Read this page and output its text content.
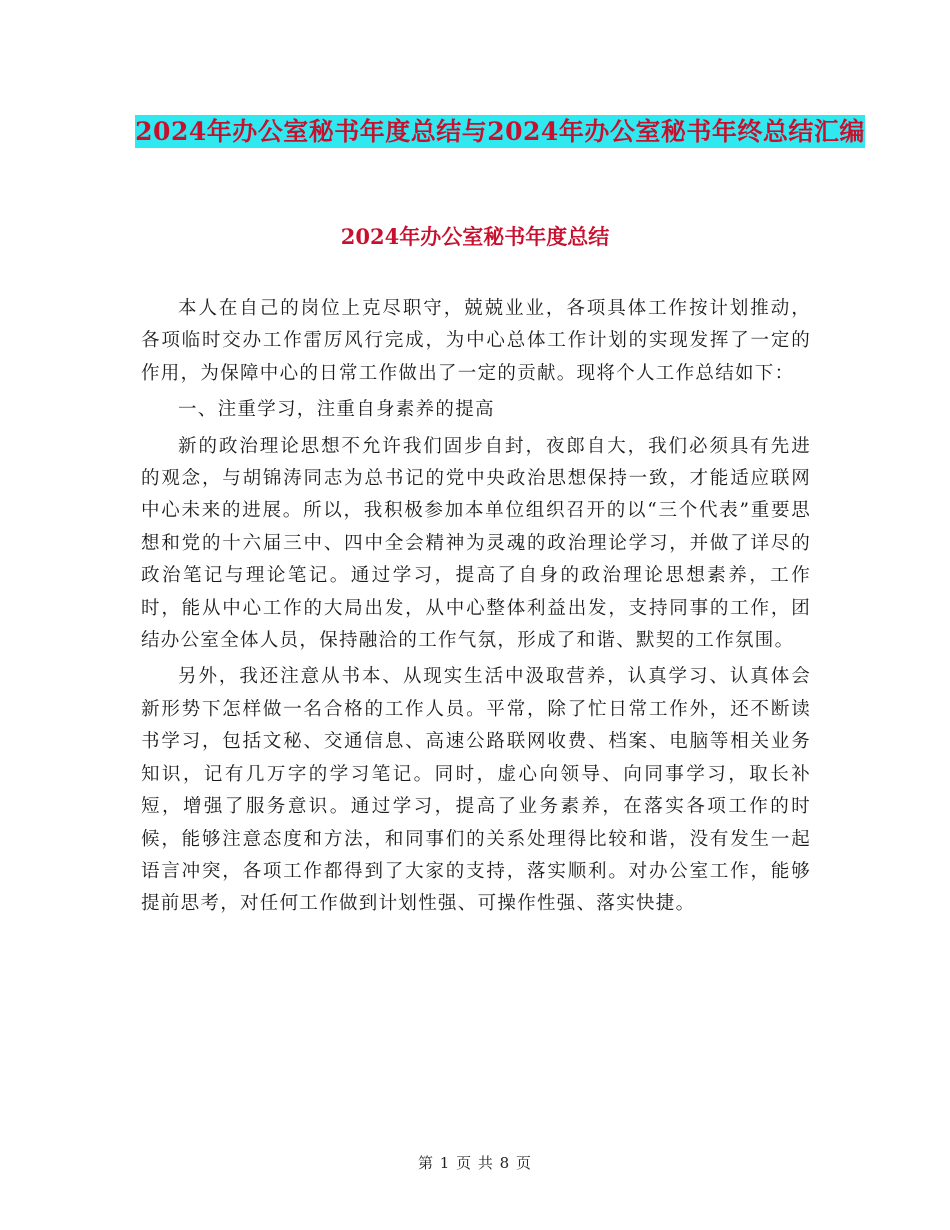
2024年办公室秘书年度总结与2024年办公室秘书年终总结汇编
2024年办公室秘书年度总结

本人在自己的岗位上克尽职守，兢兢业业，各项具体工作按计划推动，各项临时交办工作雷厉风行完成，为中心总体工作计划的实现发挥了一定的作用，为保障中心的日常工作做出了一定的贡献。现将个人工作总结如下：

一、注重学习，注重自身素养的提高

新的政治理论思想不允许我们固步自封，夜郎自大，我们必须具有先进的观念，与胡锦涛同志为总书记的党中央政治思想保持一致，才能适应联网中心未来的进展。所以，我积极参加本单位组织召开的以“三个代表”重要思想和党的十六届三中、四中全会精神为灵魂的政治理论学习，并做了详尽的政治笔记与理论笔记。通过学习，提高了自身的政治理论思想素养，工作时，能从中心工作的大局出发，从中心整体利益出发，支持同事的工作，团结办公室全体人员，保持融洽的工作气氛，形成了和谐、默契的工作氛围。

另外，我还注意从书本、从现实生活中汲取营养，认真学习、认真体会新形势下怎样做一名合格的工作人员。平常，除了忙日常工作外，还不断读书学习，包括文秘、交通信息、高速公路联网收费、档案、电脑等相关业务知识，记有几万字的学习笔记。同时，虚心向领导、向同事学习，取长补短，增强了服务意识。通过学习，提高了业务素养，在落实各项工作的时候，能够注意态度和方法，和同事们的关系处理得比较和谐，没有发生一起语言冲突，各项工作都得到了大家的支持，落实顺利。对办公室工作，能够提前思考，对任何工作做到计划性强、可操作性强、落实快捷。

第 1 页 共 8 页
